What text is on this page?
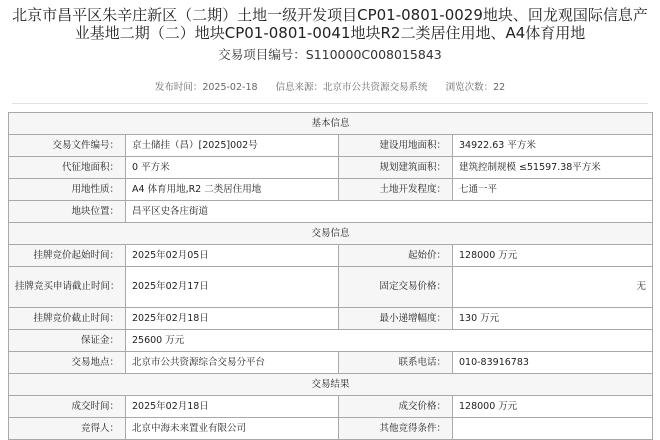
北京市昌平区朱辛庄新区（二期）土地一级开发项目CP01-0801-0029地块、回龙观国际信息产业基地二期（二）地块CP01-0801-0041地块R2二类居住用地、A4体育用地
交易项目编号：S110000C008015843
发布时间：2025-02-18 信息来源：北京市公共资源交易系统 浏览次数：22
基本信息			
交易文件编号：	京土储挂（昌）[2025]002号	建设用地面积：	34922.63 平方米
代征地面积：	0 平方米	规划建筑面积：	建筑控制规模 ≤51597.38平方米
用地性质：	A4 体育用地,R2 二类居住用地	土地开发程度：	七通一平
地块位置：	昌平区史各庄街道		
交易信息			
挂牌竞价起始时间：	2025年02月05日	起始价：	128000 万元
挂牌竞买申请截止时间：	2025年02月17日	固定交易价格：	无
挂牌竞价截止时间：	2025年02月18日	最小递增幅度：	130 万元
保证金：	25600 万元		
交易地点：	北京市公共资源综合交易分平台	联系电话：	010-83916783
交易结果			
成交时间：	2025年02月18日	成交价格：	128000 万元
竞得人：	北京中海未来置业有限公司	其他竞得条件：	
